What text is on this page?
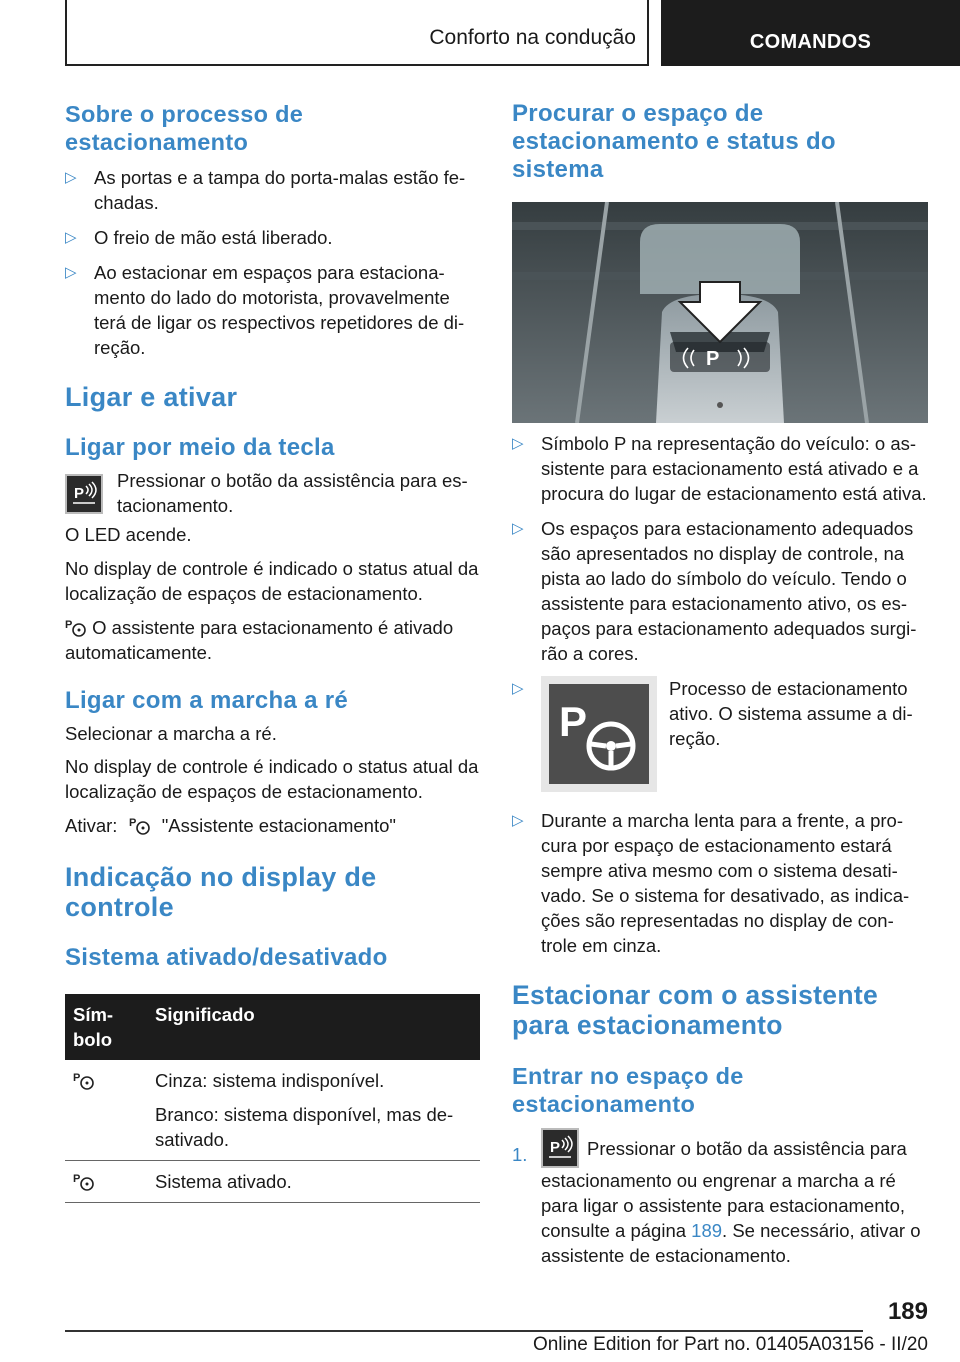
Conforto na condução	COMANDOS
Sobre o processo de estacionamento
▷ As portas e a tampa do porta-malas estão fe-chadas.
▷ O freio de mão está liberado.
▷ Ao estacionar em espaços para estaciona-mento do lado do motorista, provavelmente terá de ligar os respectivos repetidores de di-reção.
Ligar e ativar
Ligar por meio da tecla
P

Pressionar o botão da assistência para es-tacionamento.

O LED acende.

No display de controle é indicado o status atual da localização de espaços de estacionamento.

P O assistente para estacionamento é ativado automaticamente.

Ligar com a marcha a ré

Selecionar a marcha a ré.

No display de controle é indicado o status atual da localização de espaços de estacionamento.

Ativar: P "Assistente estacionamento"

Indicação no display de controle
Sistema ativado/desativado
Sím-bolo	Significado

P	Cinza: sistema indisponível.
Branco: sistema disponível, mas de-sativado.

P	Sistema ativado.
Procurar o espaço de estacionamento e status do sistema
P
▷ Símbolo P na representação do veículo: o as-sistente para estacionamento está ativado e a procura do lugar de estacionamento está ativa.
▷ Os espaços para estacionamento adequados são apresentados no display de controle, na pista ao lado do símbolo do veículo. Tendo o assistente para estacionamento ativo, os es-paços para estacionamento adequados surgi-rão a cores.
▷
P
Processo de estacionamento ativo. O sistema assume a di-reção.
▷ Durante a marcha lenta para a frente, a pro-cura por espaço de estacionamento estará sempre ativa mesmo com o sistema desati-vado. Se o sistema for desativado, as indica-ções são representadas no display de con-trole em cinza.
Estacionar com o assistente para estacionamento
Entrar no espaço de estacionamento
1. P Pressionar o botão da assistência para estacionamento ou engrenar a marcha a ré para ligar o assistente para estacionamento, consulte a página 189. Se necessário, ativar o assistente de estacionamento.

189
Online Edition for Part no. 01405A03156 - II/20
